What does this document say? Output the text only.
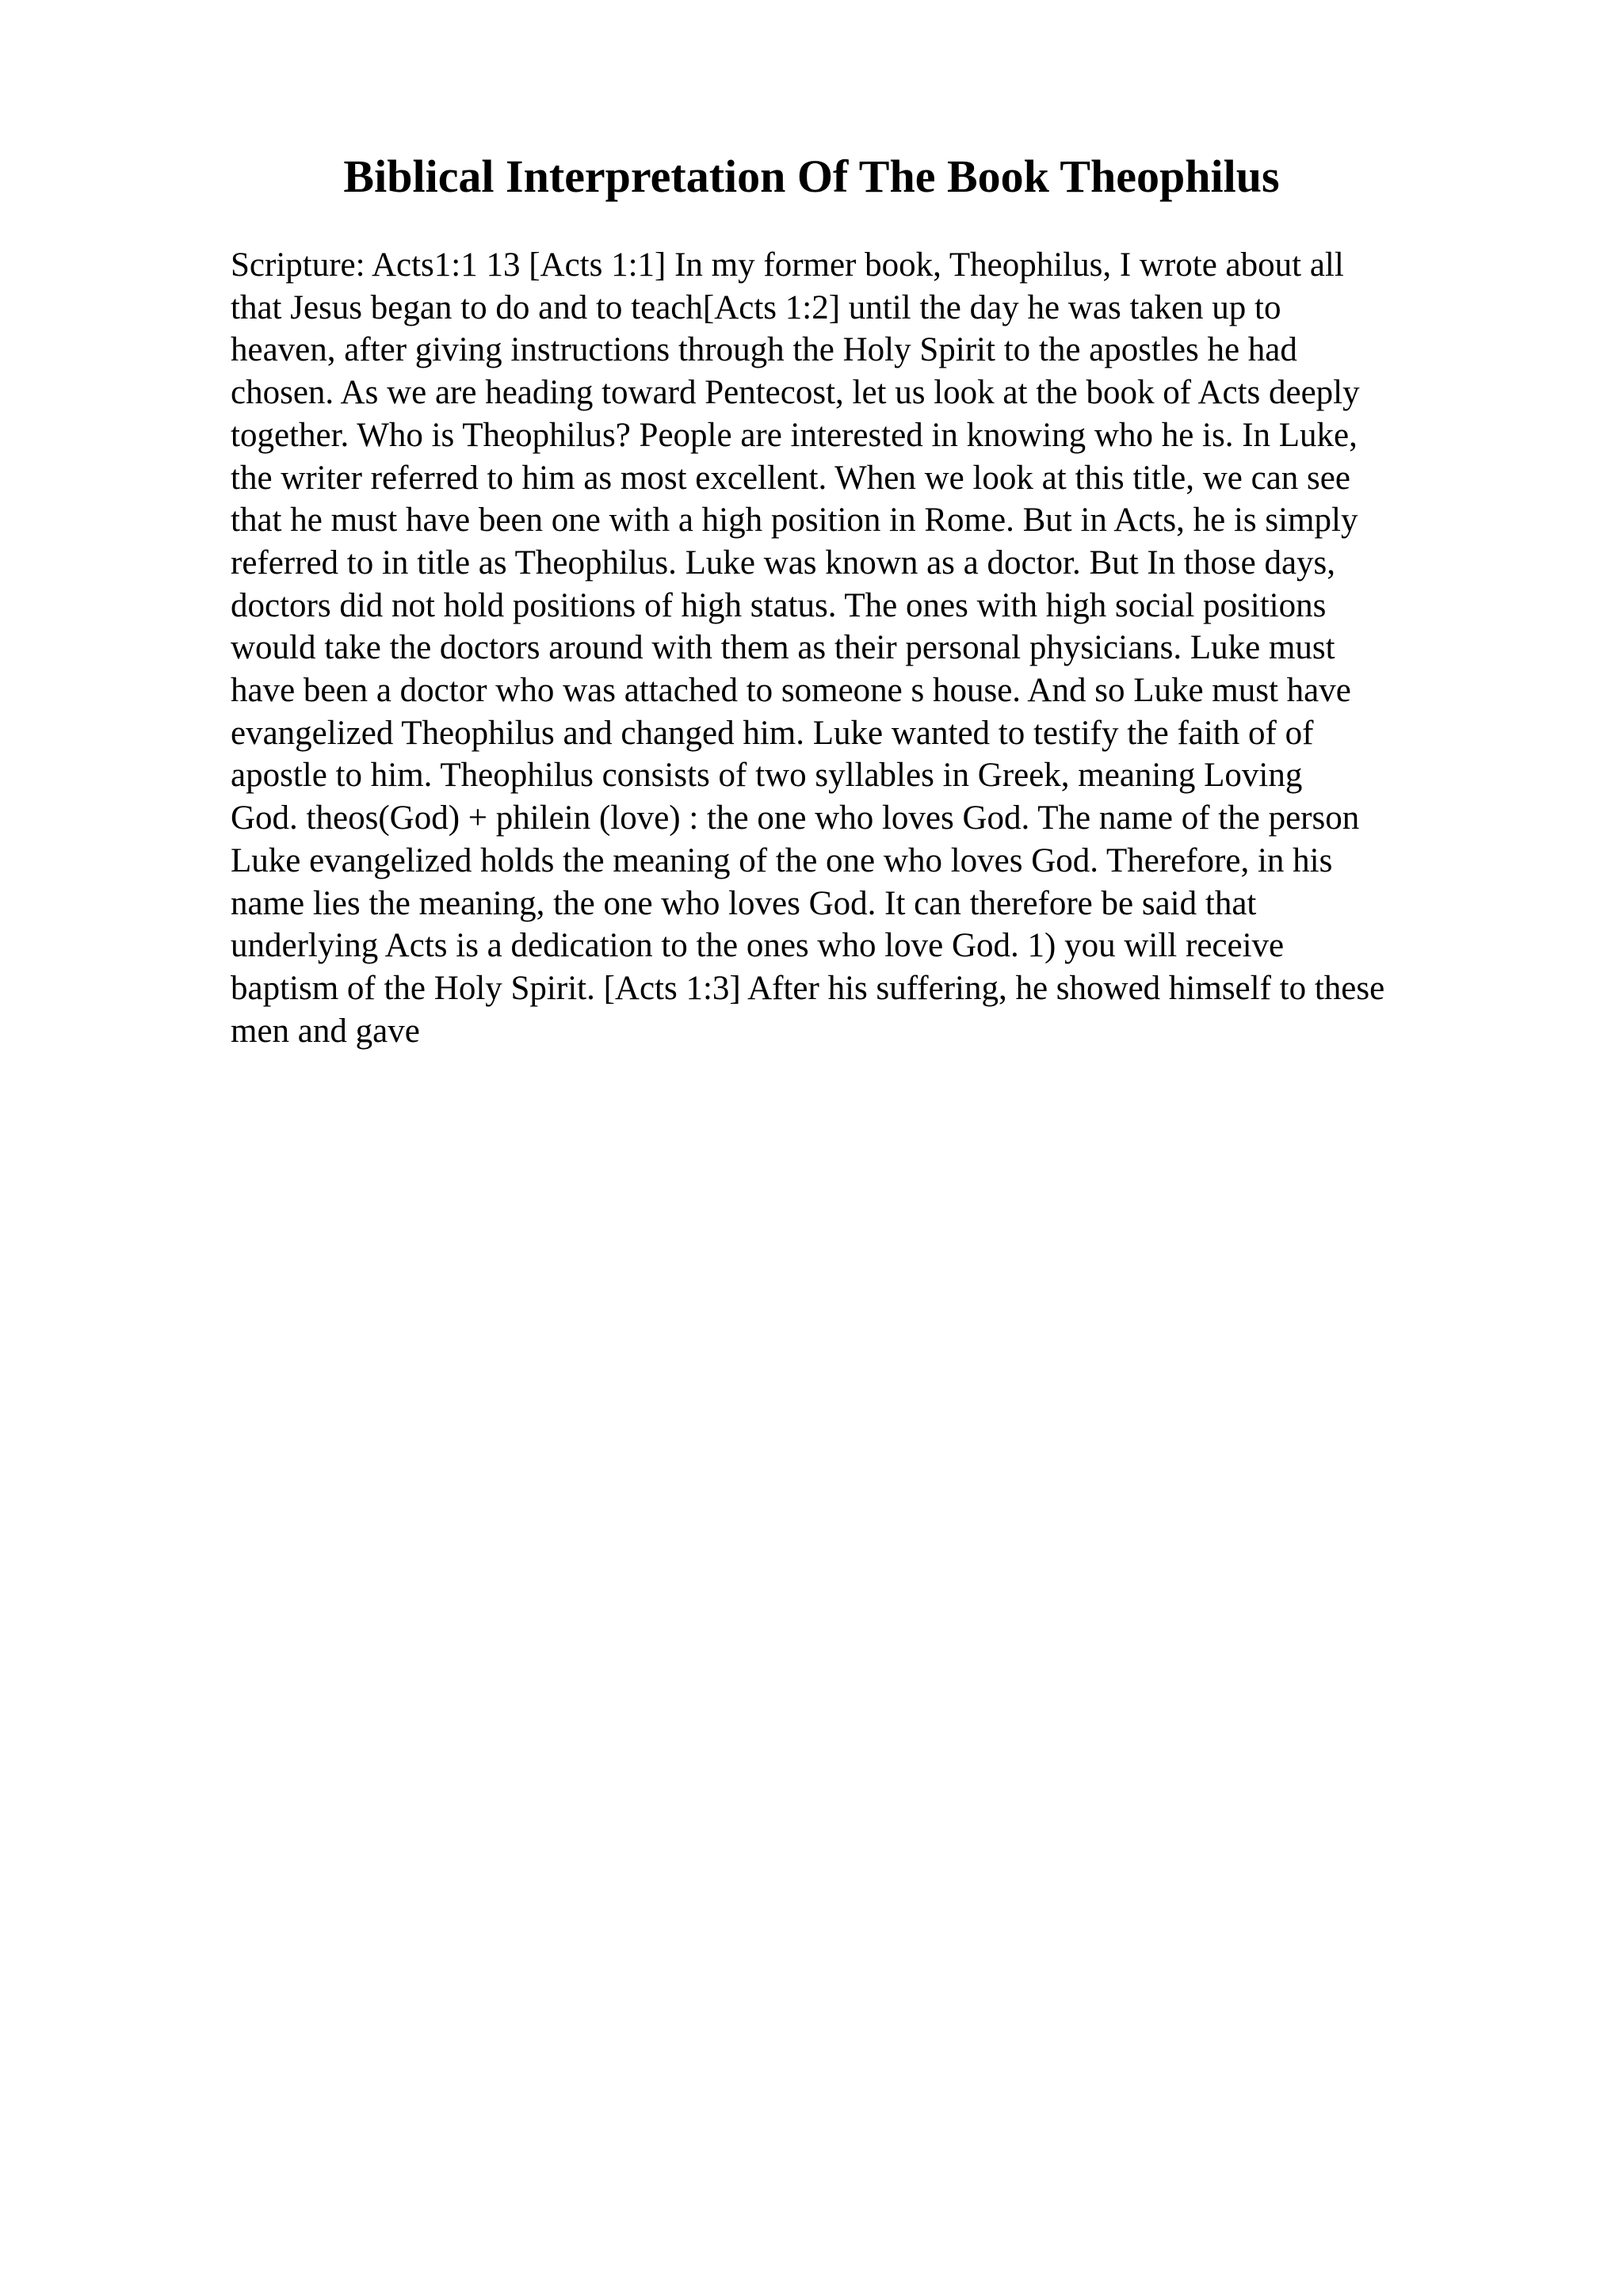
Biblical Interpretation Of The Book Theophilus
Scripture: Acts1:1 13 [Acts 1:1] In my former book, Theophilus, I wrote about all
that Jesus began to do and to teach[Acts 1:2] until the day he was taken up to
heaven, after giving instructions through the Holy Spirit to the apostles he had
chosen. As we are heading toward Pentecost, let us look at the book of Acts deeply
together. Who is Theophilus? People are interested in knowing who he is. In Luke,
the writer referred to him as most excellent. When we look at this title, we can see
that he must have been one with a high position in Rome. But in Acts, he is simply
referred to in title as Theophilus. Luke was known as a doctor. But In those days,
doctors did not hold positions of high status. The ones with high social positions
would take the doctors around with them as their personal physicians. Luke must
have been a doctor who was attached to someone s house. And so Luke must have
evangelized Theophilus and changed him. Luke wanted to testify the faith of of
apostle to him. Theophilus consists of two syllables in Greek, meaning Loving
God. theos(God) + philein (love) : the one who loves God. The name of the person
Luke evangelized holds the meaning of the one who loves God. Therefore, in his
name lies the meaning, the one who loves God. It can therefore be said that
underlying Acts is a dedication to the ones who love God. 1) you will receive
baptism of the Holy Spirit. [Acts 1:3] After his suffering, he showed himself to these
men and gave
